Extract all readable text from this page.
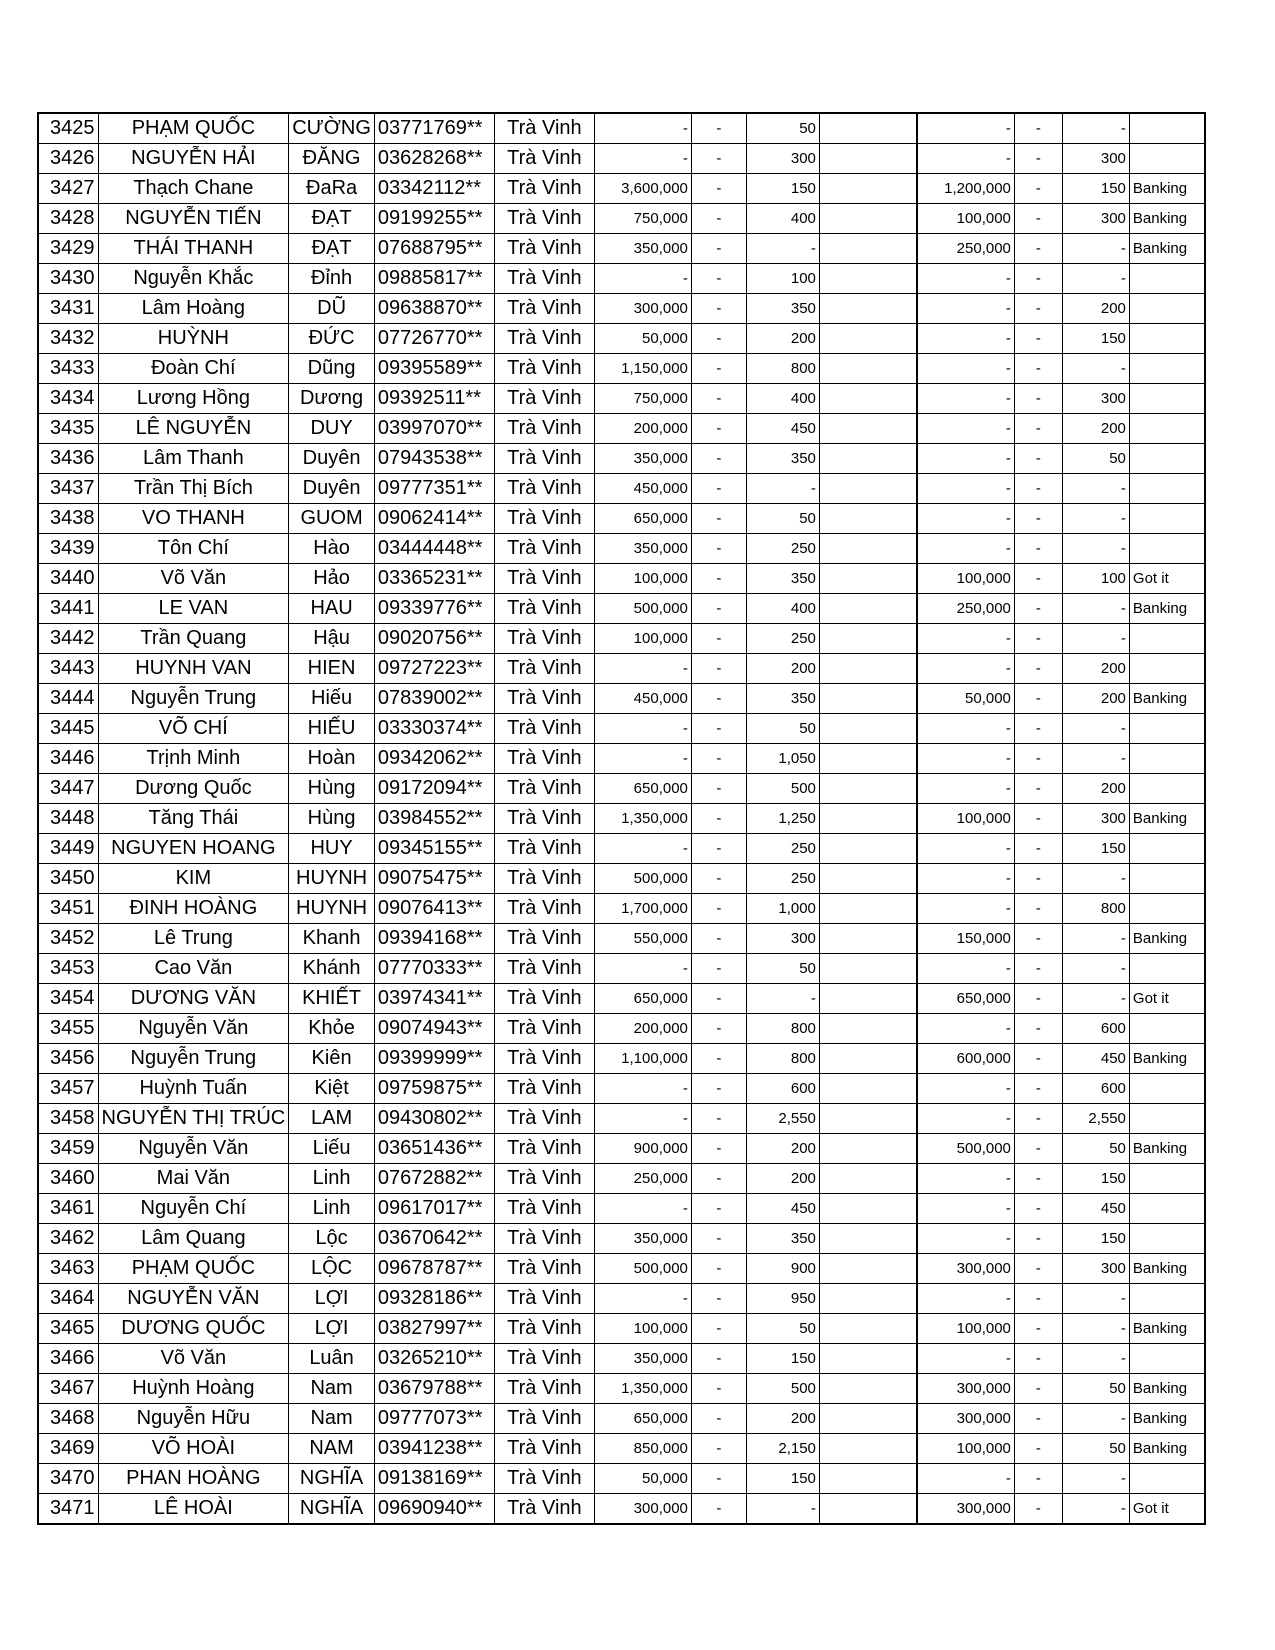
3425	PHẠM QUỐC	CƯỜNG	03771769**	Trà Vinh	-	-	50		-	-	-	
3426	NGUYỄN HẢI	ĐĂNG	03628268**	Trà Vinh	-	-	300		-	-	300	
3427	Thạch Chane	ĐaRa	03342112**	Trà Vinh	3,600,000	-	150		1,200,000	-	150	Banking
3428	NGUYỄN TIẾN	ĐẠT	09199255**	Trà Vinh	750,000	-	400		100,000	-	300	Banking
3429	THÁI THANH	ĐẠT	07688795**	Trà Vinh	350,000	-	-		250,000	-	-	Banking
3430	Nguyễn Khắc	Đỉnh	09885817**	Trà Vinh	-	-	100		-	-	-	
3431	Lâm Hoàng	DŨ	09638870**	Trà Vinh	300,000	-	350		-	-	200	
3432	HUỲNH	ĐỨC	07726770**	Trà Vinh	50,000	-	200		-	-	150	
3433	Đoàn Chí	Dũng	09395589**	Trà Vinh	1,150,000	-	800		-	-	-	
3434	Lương Hồng	Dương	09392511**	Trà Vinh	750,000	-	400		-	-	300	
3435	LÊ NGUYỄN	DUY	03997070**	Trà Vinh	200,000	-	450		-	-	200	
3436	Lâm Thanh	Duyên	07943538**	Trà Vinh	350,000	-	350		-	-	50	
3437	Trần Thị Bích	Duyên	09777351**	Trà Vinh	450,000	-	-		-	-	-	
3438	VO THANH	GUOM	09062414**	Trà Vinh	650,000	-	50		-	-	-	
3439	Tôn Chí	Hào	03444448**	Trà Vinh	350,000	-	250		-	-	-	
3440	Võ Văn	Hảo	03365231**	Trà Vinh	100,000	-	350		100,000	-	100	Got it
3441	LE VAN	HAU	09339776**	Trà Vinh	500,000	-	400		250,000	-	-	Banking
3442	Trần Quang	Hậu	09020756**	Trà Vinh	100,000	-	250		-	-	-	
3443	HUYNH VAN	HIEN	09727223**	Trà Vinh	-	-	200		-	-	200	
3444	Nguyễn Trung	Hiếu	07839002**	Trà Vinh	450,000	-	350		50,000	-	200	Banking
3445	VÕ CHÍ	HIẾU	03330374**	Trà Vinh	-	-	50		-	-	-	
3446	Trịnh Minh	Hoàn	09342062**	Trà Vinh	-	-	1,050		-	-	-	
3447	Dương Quốc	Hùng	09172094**	Trà Vinh	650,000	-	500		-	-	200	
3448	Tăng Thái	Hùng	03984552**	Trà Vinh	1,350,000	-	1,250		100,000	-	300	Banking
3449	NGUYEN HOANG	HUY	09345155**	Trà Vinh	-	-	250		-	-	150	
3450	KIM	HUYNH	09075475**	Trà Vinh	500,000	-	250		-	-	-	
3451	ĐINH HOÀNG	HUYNH	09076413**	Trà Vinh	1,700,000	-	1,000		-	-	800	
3452	Lê Trung	Khanh	09394168**	Trà Vinh	550,000	-	300		150,000	-	-	Banking
3453	Cao Văn	Khánh	07770333**	Trà Vinh	-	-	50		-	-	-	
3454	DƯƠNG VĂN	KHIẾT	03974341**	Trà Vinh	650,000	-	-		650,000	-	-	Got it
3455	Nguyễn Văn	Khỏe	09074943**	Trà Vinh	200,000	-	800		-	-	600	
3456	Nguyễn Trung	Kiên	09399999**	Trà Vinh	1,100,000	-	800		600,000	-	450	Banking
3457	Huỳnh Tuấn	Kiệt	09759875**	Trà Vinh	-	-	600		-	-	600	
3458	NGUYỄN THỊ TRÚC	LAM	09430802**	Trà Vinh	-	-	2,550		-	-	2,550	
3459	Nguyễn Văn	Liếu	03651436**	Trà Vinh	900,000	-	200		500,000	-	50	Banking
3460	Mai Văn	Linh	07672882**	Trà Vinh	250,000	-	200		-	-	150	
3461	Nguyễn Chí	Linh	09617017**	Trà Vinh	-	-	450		-	-	450	
3462	Lâm Quang	Lộc	03670642**	Trà Vinh	350,000	-	350		-	-	150	
3463	PHẠM QUỐC	LỘC	09678787**	Trà Vinh	500,000	-	900		300,000	-	300	Banking
3464	NGUYỄN VĂN	LỢI	09328186**	Trà Vinh	-	-	950		-	-	-	
3465	DƯƠNG QUỐC	LỢI	03827997**	Trà Vinh	100,000	-	50		100,000	-	-	Banking
3466	Võ Văn	Luân	03265210**	Trà Vinh	350,000	-	150		-	-	-	
3467	Huỳnh Hoàng	Nam	03679788**	Trà Vinh	1,350,000	-	500		300,000	-	50	Banking
3468	Nguyễn Hữu	Nam	09777073**	Trà Vinh	650,000	-	200		300,000	-	-	Banking
3469	VÕ HOÀI	NAM	03941238**	Trà Vinh	850,000	-	2,150		100,000	-	50	Banking
3470	PHAN HOÀNG	NGHĨA	09138169**	Trà Vinh	50,000	-	150		-	-	-	
3471	LÊ HOÀI	NGHĨA	09690940**	Trà Vinh	300,000	-	-		300,000	-	-	Got it
